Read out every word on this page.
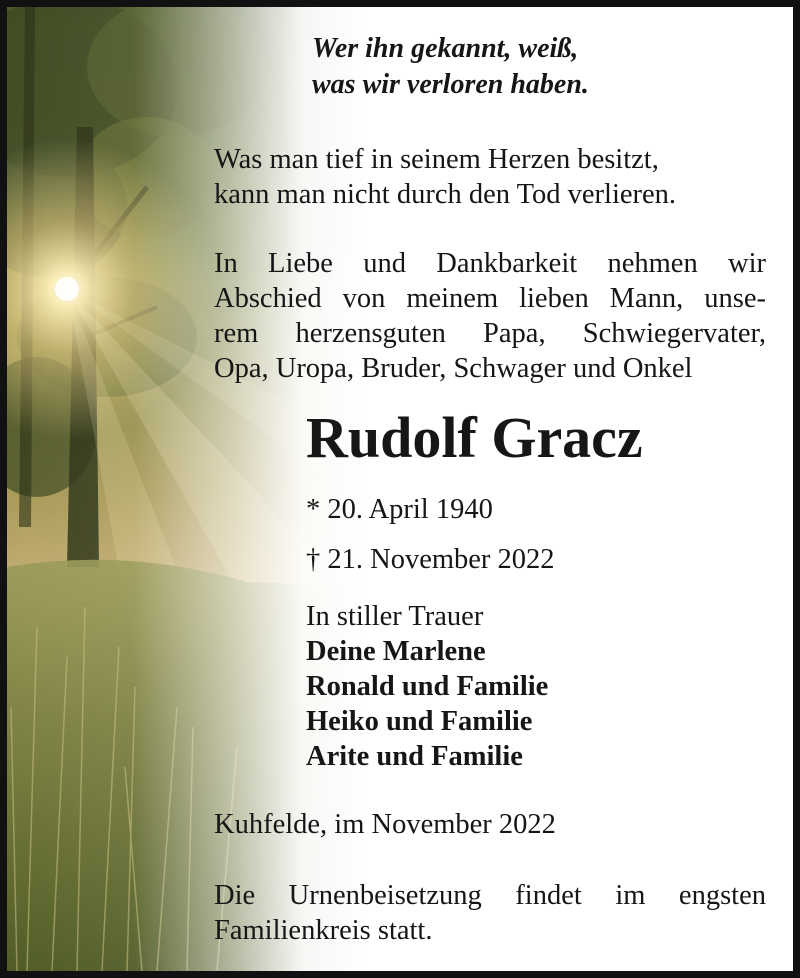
Wer ihn gekannt, weiß,
was wir verloren haben.
Was man tief in seinem Herzen besitzt,
kann man nicht durch den Tod verlieren.
In Liebe und Dankbarkeit nehmen wir
Abschied von meinem lieben Mann, unse-
rem herzensguten Papa, Schwiegervater,
Opa, Uropa, Bruder, Schwager und Onkel
Rudolf Gracz
* 20. April 1940
† 21. November 2022
In stiller Trauer
Deine Marlene
Ronald und Familie
Heiko und Familie
Arite und Familie
Kuhfelde, im November 2022
Die Urnenbeisetzung findet im engsten
Familienkreis statt.
